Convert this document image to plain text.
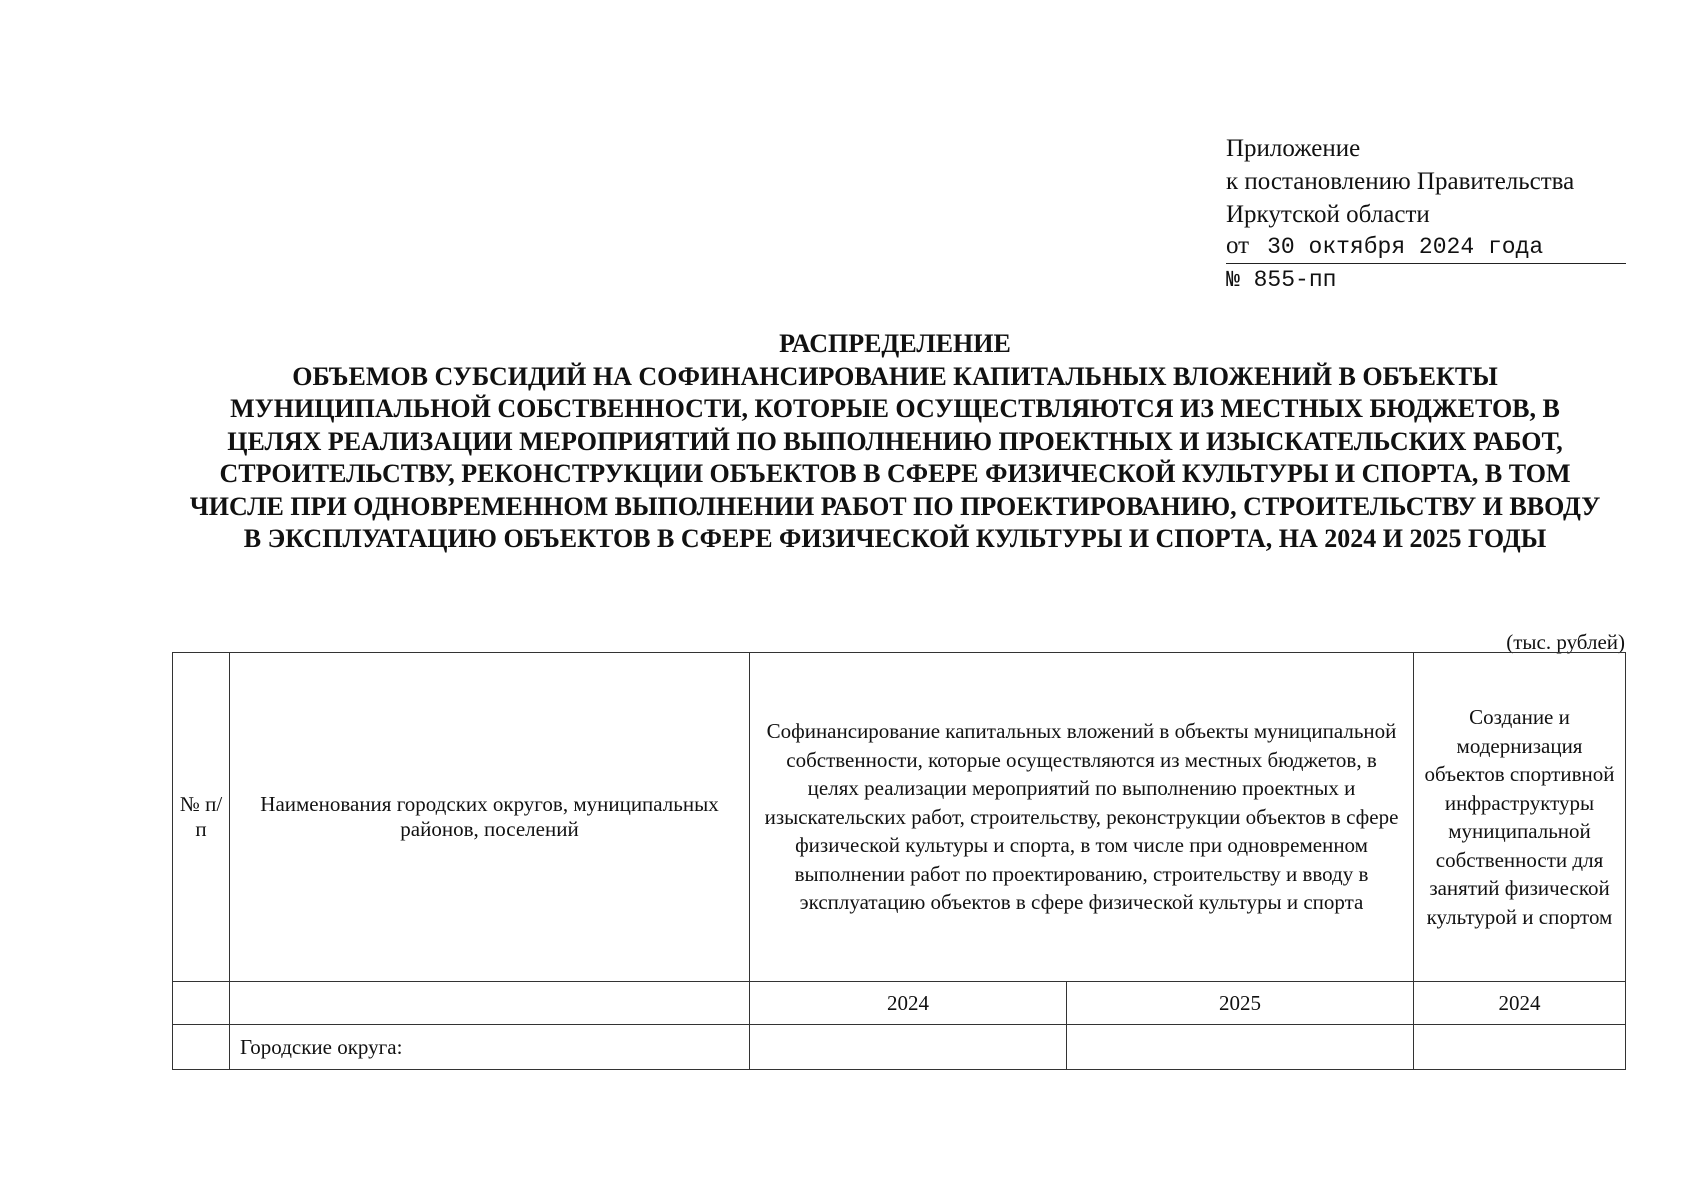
Приложение
к постановлению Правительства
Иркутской области
от 30 октября 2024 года
№ 855-пп
РАСПРЕДЕЛЕНИЕ
ОБЪЕМОВ СУБСИДИЙ НА СОФИНАНСИРОВАНИЕ КАПИТАЛЬНЫХ ВЛОЖЕНИЙ В ОБЪЕКТЫ МУНИЦИПАЛЬНОЙ СОБСТВЕННОСТИ, КОТОРЫЕ ОСУЩЕСТВЛЯЮТСЯ ИЗ МЕСТНЫХ БЮДЖЕТОВ, В ЦЕЛЯХ РЕАЛИЗАЦИИ МЕРОПРИЯТИЙ ПО ВЫПОЛНЕНИЮ ПРОЕКТНЫХ И ИЗЫСКАТЕЛЬСКИХ РАБОТ, СТРОИТЕЛЬСТВУ, РЕКОНСТРУКЦИИ ОБЪЕКТОВ В СФЕРЕ ФИЗИЧЕСКОЙ КУЛЬТУРЫ И СПОРТА, В ТОМ ЧИСЛЕ ПРИ ОДНОВРЕМЕННОМ ВЫПОЛНЕНИИ РАБОТ ПО ПРОЕКТИРОВАНИЮ, СТРОИТЕЛЬСТВУ И ВВОДУ В ЭКСПЛУАТАЦИЮ ОБЪЕКТОВ В СФЕРЕ ФИЗИЧЕСКОЙ КУЛЬТУРЫ И СПОРТА, НА 2024 И 2025 ГОДЫ
(тыс. рублей)
№ п/п	Наименования городских округов, муниципальных районов, поселений	Софинансирование капитальных вложений в объекты муниципальной собственности, которые осуществляются из местных бюджетов, в целях реализации мероприятий по выполнению проектных и изыскательских работ, строительству, реконструкции объектов в сфере физической культуры и спорта, в том числе при одновременном выполнении работ по проектированию, строительству и вводу в эксплуатацию объектов в сфере физической культуры и спорта		Создание и модернизация объектов спортивной инфраструктуры муниципальной собственности для занятий физической культурой и спортом
		2024	2025	2024
	Городские округа:			
